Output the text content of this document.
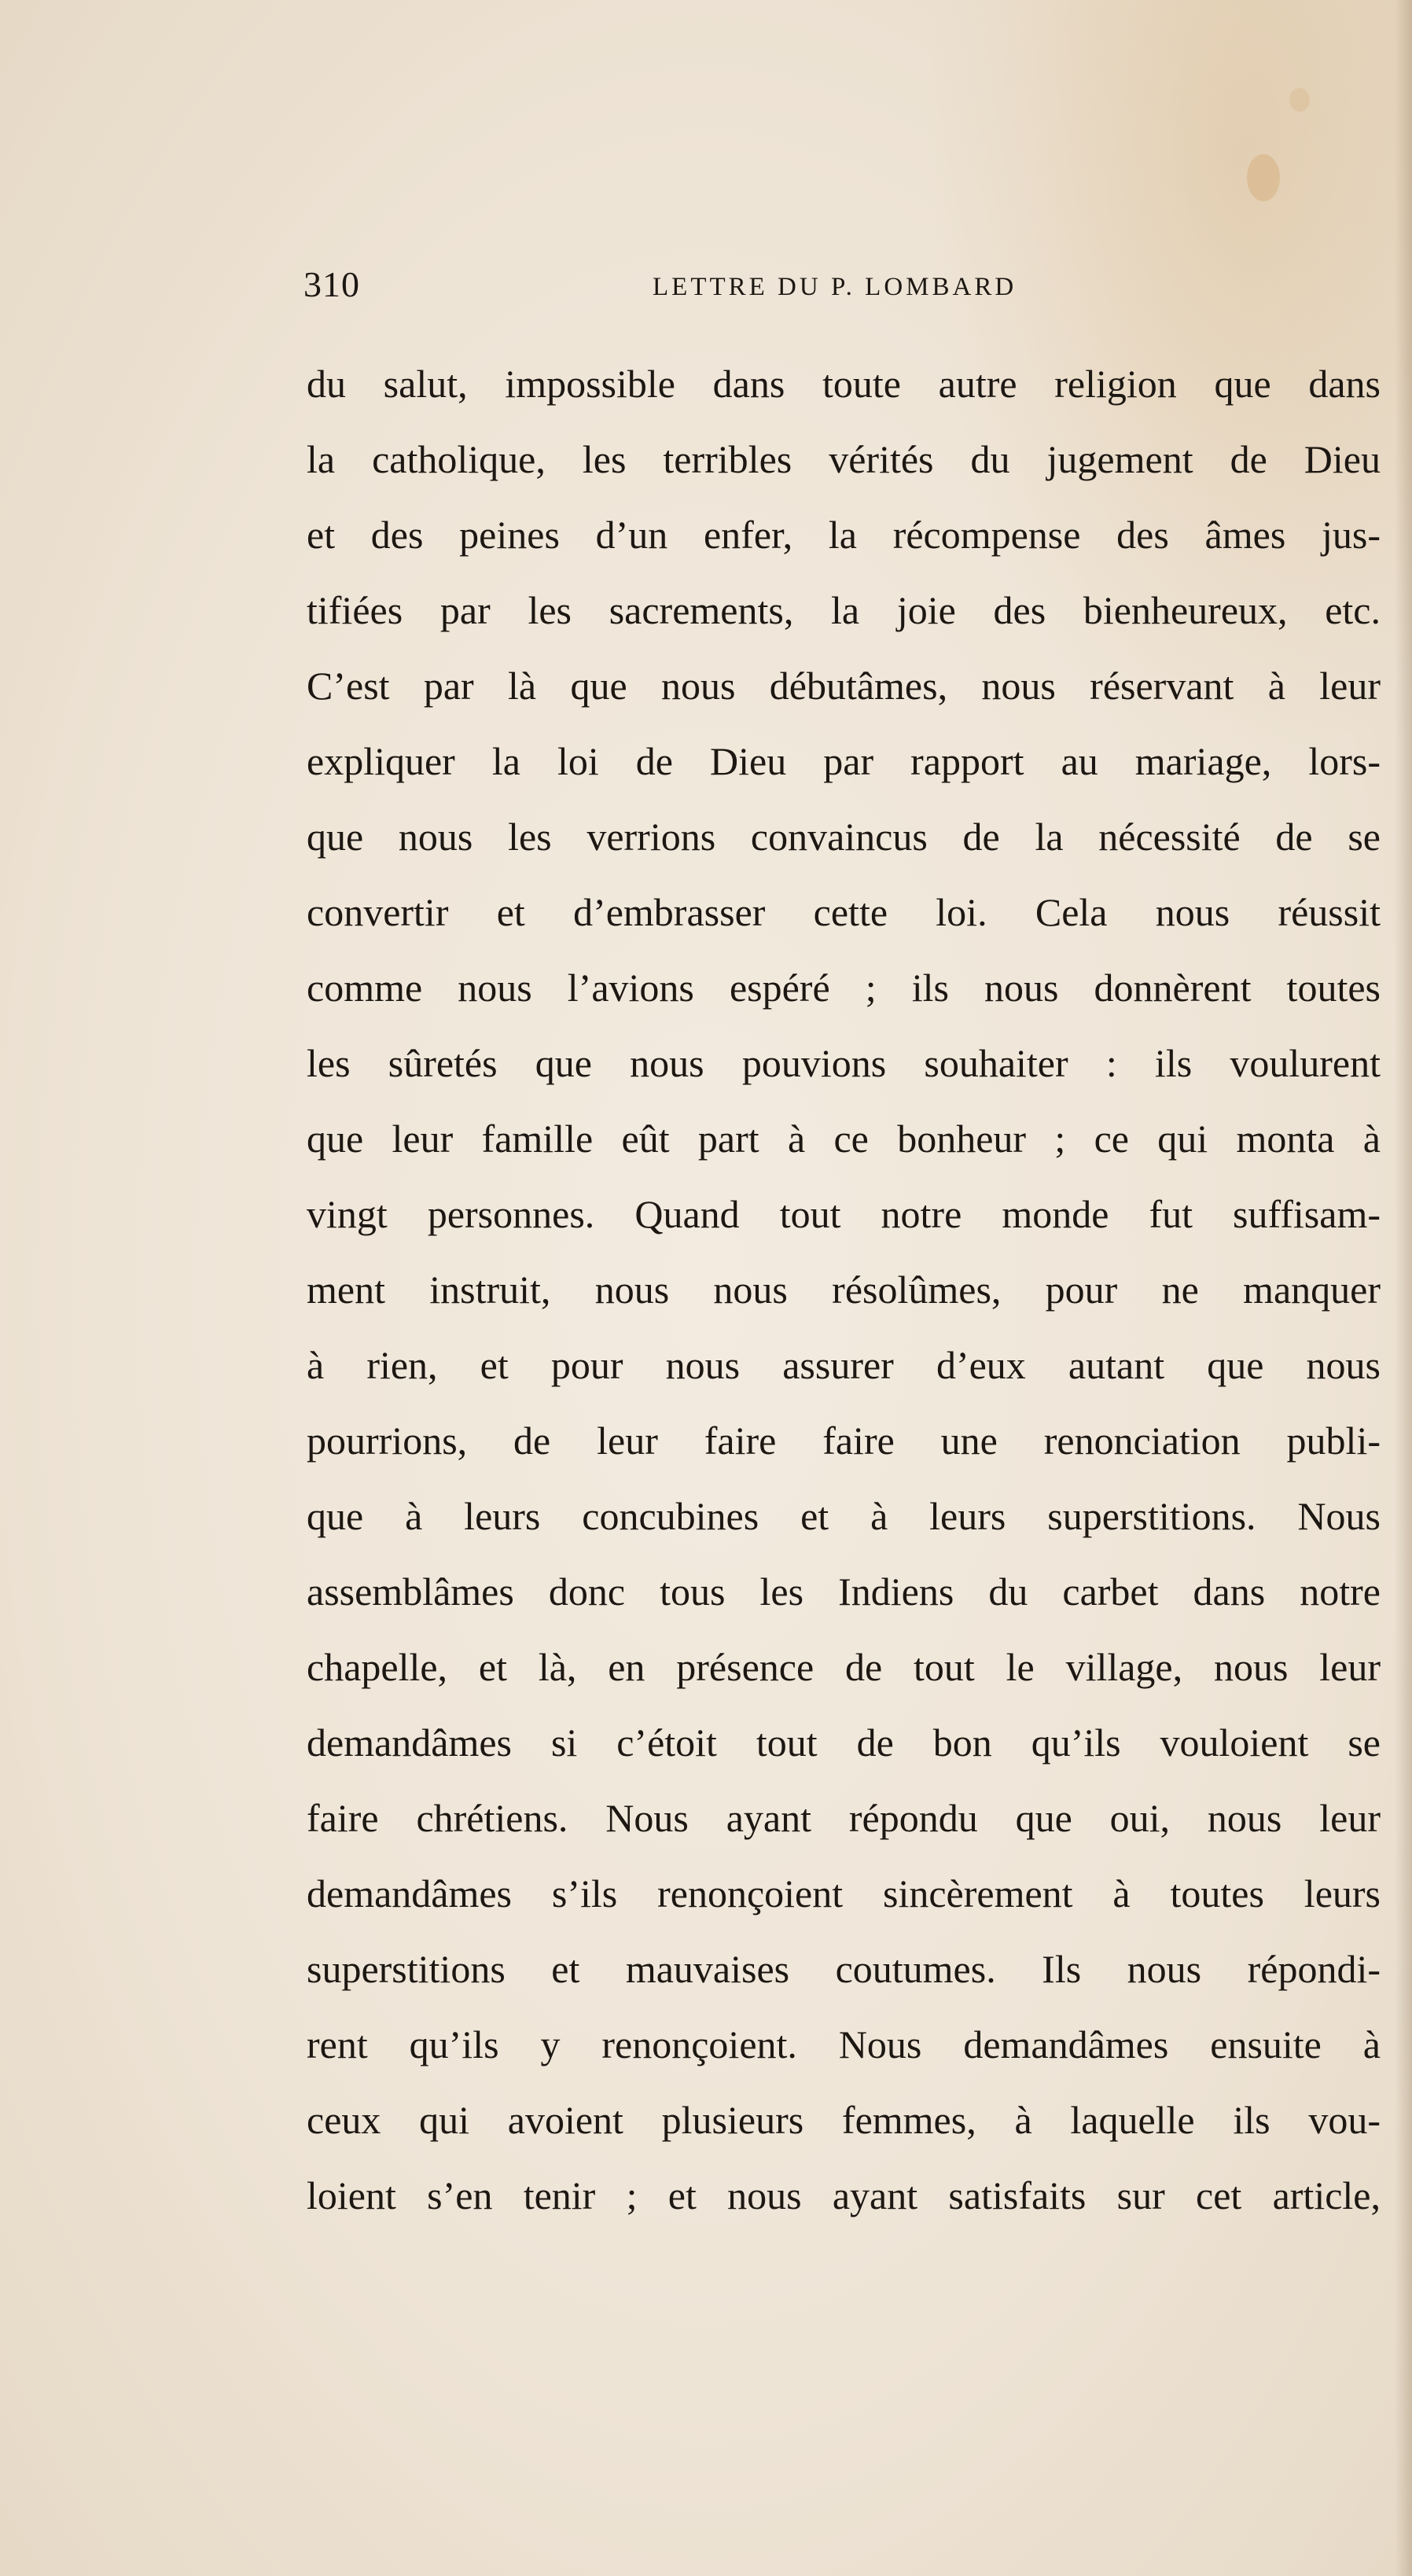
310	LETTRE DU P. LOMBARD
du salut, impossible dans toute autre religion que dans
la catholique, les terribles vérités du jugement de Dieu
et des peines d’un enfer, la récompense des âmes jus-
tifiées par les sacrements, la joie des bienheureux, etc.
C’est par là que nous débutâmes, nous réservant à leur
expliquer la loi de Dieu par rapport au mariage, lors-
que nous les verrions convaincus de la nécessité de se
convertir et d’embrasser cette loi. Cela nous réussit
comme nous l’avions espéré ; ils nous donnèrent toutes
les sûretés que nous pouvions souhaiter : ils voulurent
que leur famille eût part à ce bonheur ; ce qui monta à
vingt personnes. Quand tout notre monde fut suffisam-
ment instruit, nous nous résolûmes, pour ne manquer
à rien, et pour nous assurer d’eux autant que nous
pourrions, de leur faire faire une renonciation publi-
que à leurs concubines et à leurs superstitions. Nous
assemblâmes donc tous les Indiens du carbet dans notre
chapelle, et là, en présence de tout le village, nous leur
demandâmes si c’étoit tout de bon qu’ils vouloient se
faire chrétiens. Nous ayant répondu que oui, nous leur
demandâmes s’ils renonçoient sincèrement à toutes leurs
superstitions et mauvaises coutumes. Ils nous répondi-
rent qu’ils y renonçoient. Nous demandâmes ensuite à
ceux qui avoient plusieurs femmes, à laquelle ils vou-
loient s’en tenir ; et nous ayant satisfaits sur cet article,
